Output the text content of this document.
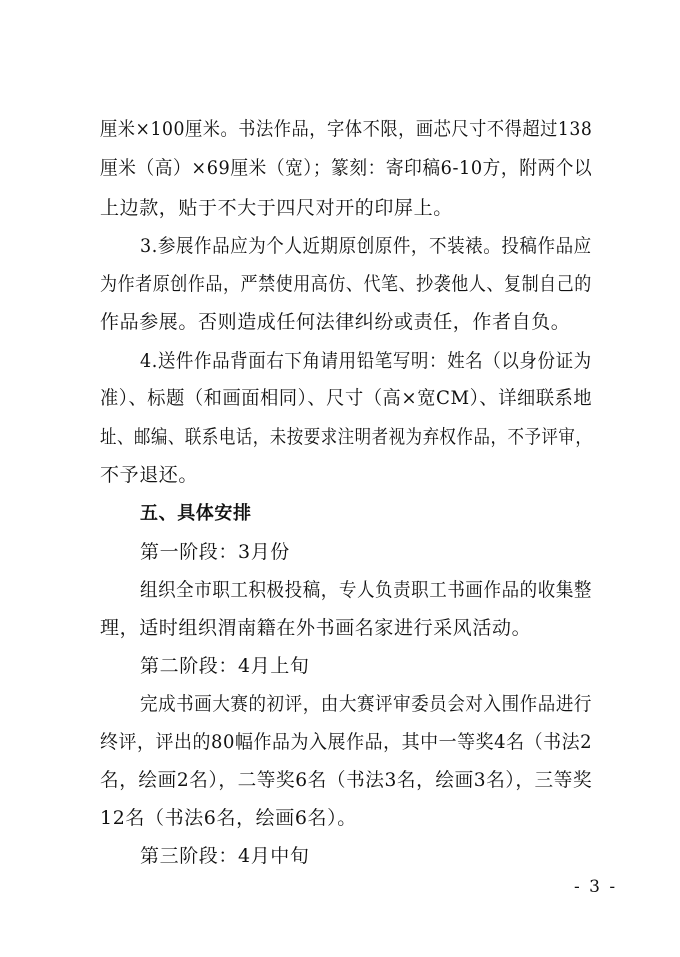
厘米×100厘米。书法作品，字体不限，画芯尺寸不得超过138
厘米（高）×69厘米（宽）；篆刻：寄印稿6-10方，附两个以
上边款，贴于不大于四尺对开的印屏上。
3.参展作品应为个人近期原创原件，不装裱。投稿作品应
为作者原创作品，严禁使用高仿、代笔、抄袭他人、复制自己的
作品参展。否则造成任何法律纠纷或责任，作者自负。
4.送件作品背面右下角请用铅笔写明：姓名（以身份证为
准）、标题（和画面相同）、尺寸（高×宽CM）、详细联系地
址、邮编、联系电话，未按要求注明者视为弃权作品，不予评审，
不予退还。
五、具体安排
第一阶段：3月份
组织全市职工积极投稿，专人负责职工书画作品的收集整
理，适时组织渭南籍在外书画名家进行采风活动。
第二阶段：4月上旬
完成书画大赛的初评，由大赛评审委员会对入围作品进行
终评，评出的80幅作品为入展作品，其中一等奖4名（书法2
名，绘画2名），二等奖6名（书法3名，绘画3名），三等奖
12名（书法6名，绘画6名）。
第三阶段：4月中旬
- 3 -
